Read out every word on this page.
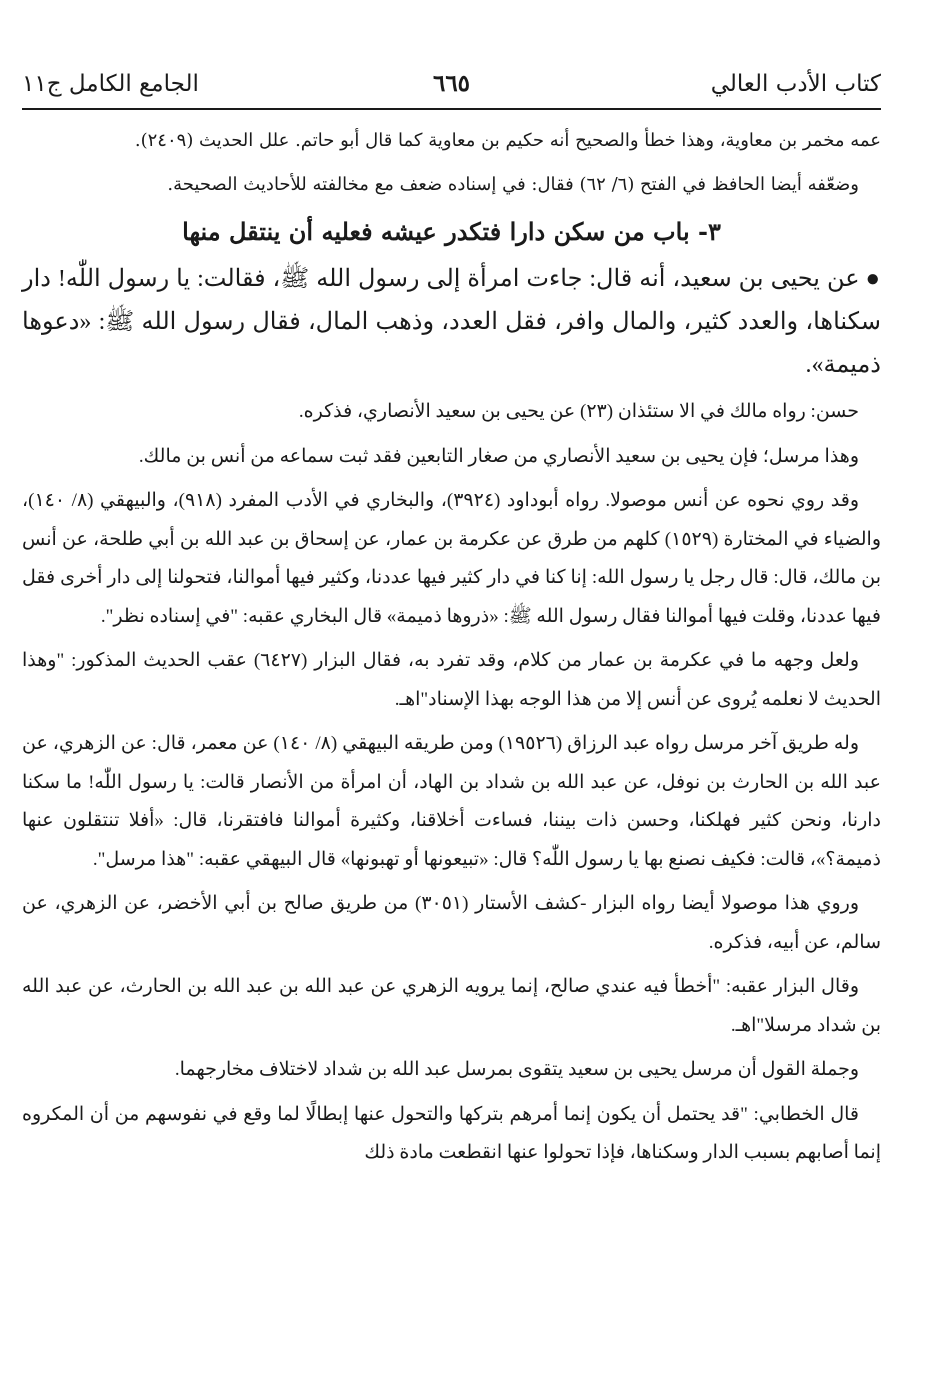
كتاب الأدب العالي
٦٦٥
الجامع الكامل ج١١

عمه مخمر بن معاوية، وهذا خطأ والصحيح أنه حكيم بن معاوية كما قال أبو حاتم. علل الحديث (٢٤٠٩).

وضعّفه أيضا الحافظ في الفتح (٦/ ٦٢) فقال: في إسناده ضعف مع مخالفته للأحاديث الصحيحة.

٣- باب من سكن دارا فتكدر عيشه فعليه أن ينتقل منها

●عن يحيى بن سعيد، أنه قال: جاءت امرأة إلى رسول الله ﷺ، فقالت: يا رسول اللّٰه! دار سكناها، والعدد كثير، والمال وافر، فقل العدد، وذهب المال، فقال رسول الله ﷺ: «دعوها ذميمة».

حسن: رواه مالك في الا ستئذان (٢٣) عن يحيى بن سعيد الأنصاري، فذكره.

وهذا مرسل؛ فإن يحيى بن سعيد الأنصاري من صغار التابعين فقد ثبت سماعه من أنس بن مالك.

وقد روي نحوه عن أنس موصولا. رواه أبوداود (٣٩٢٤)، والبخاري في الأدب المفرد (٩١٨)، والبيهقي (٨/ ١٤٠)، والضياء في المختارة (١٥٢٩) كلهم من طرق عن عكرمة بن عمار، عن إسحاق بن عبد الله بن أبي طلحة، عن أنس بن مالك، قال: قال رجل يا رسول الله: إنا كنا في دار كثير فيها عددنا، وكثير فيها أموالنا، فتحولنا إلى دار أخرى فقل فيها عددنا، وقلت فيها أموالنا فقال رسول الله ﷺ: «ذروها ذميمة» قال البخاري عقبه: "في إسناده نظر".

ولعل وجهه ما في عكرمة بن عمار من كلام، وقد تفرد به، فقال البزار (٦٤٢٧) عقب الحديث المذكور: "وهذا الحديث لا نعلمه يُروى عن أنس إلا من هذا الوجه بهذا الإسناد"اهـ.

وله طريق آخر مرسل رواه عبد الرزاق (١٩٥٢٦) ومن طريقه البيهقي (٨/ ١٤٠) عن معمر، قال: عن الزهري، عن عبد الله بن الحارث بن نوفل، عن عبد الله بن شداد بن الهاد، أن امرأة من الأنصار قالت: يا رسول اللّٰه! ما سكنا دارنا، ونحن كثير فهلكنا، وحسن ذات بيننا، فساءت أخلاقنا، وكثيرة أموالنا فافتقرنا، قال: «أفلا تنتقلون عنها ذميمة؟»، قالت: فكيف نصنع بها يا رسول اللّٰه؟ قال: «تبيعونها أو تهبونها» قال البيهقي عقبه: "هذا مرسل".

وروي هذا موصولا أيضا رواه البزار -كشف الأستار (٣٠٥١) من طريق صالح بن أبي الأخضر، عن الزهري، عن سالم، عن أبيه، فذكره.

وقال البزار عقبه: "أخطأ فيه عندي صالح، إنما يرويه الزهري عن عبد الله بن عبد الله بن الحارث، عن عبد الله بن شداد مرسلا"اهـ.

وجملة القول أن مرسل يحيى بن سعيد يتقوى بمرسل عبد الله بن شداد لاختلاف مخارجهما.

قال الخطابي: "قد يحتمل أن يكون إنما أمرهم بتركها والتحول عنها إبطالًا لما وقع في نفوسهم من أن المكروه إنما أصابهم بسبب الدار وسكناها، فإذا تحولوا عنها انقطعت مادة ذلك
